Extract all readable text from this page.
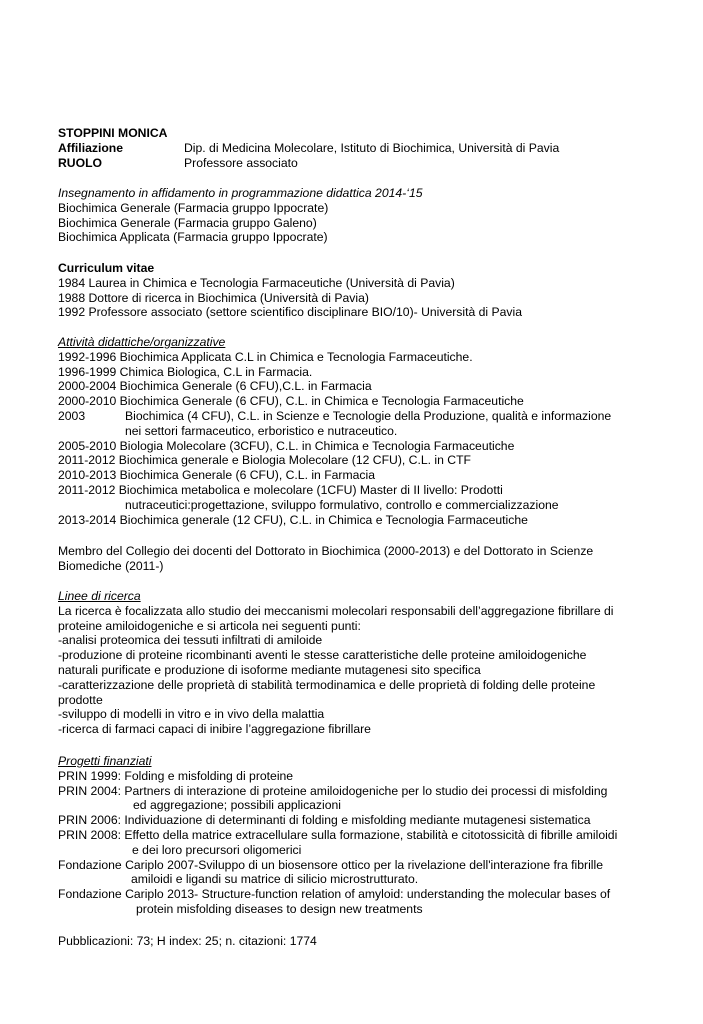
STOPPINI MONICA
Affiliazione	Dip. di Medicina Molecolare, Istituto di Biochimica, Università di Pavia
RUOLO	Professore associato
Insegnamento in affidamento in programmazione didattica 2014-‘15
Biochimica Generale (Farmacia gruppo Ippocrate)
Biochimica Generale (Farmacia gruppo Galeno)
Biochimica Applicata (Farmacia gruppo Ippocrate)
Curriculum vitae
1984 Laurea in Chimica e Tecnologia Farmaceutiche (Università di Pavia)
1988 Dottore di ricerca in Biochimica (Università di Pavia)
1992 Professore associato (settore scientifico disciplinare BIO/10)- Università di Pavia
Attività didattiche/organizzative
1992-1996 Biochimica Applicata C.L in Chimica e Tecnologia Farmaceutiche.
1996-1999 Chimica Biologica, C.L in Farmacia.
2000-2004 Biochimica Generale (6 CFU),C.L. in Farmacia
2000-2010 Biochimica Generale (6 CFU), C.L. in Chimica e Tecnologia Farmaceutiche
2003	Biochimica (4 CFU), C.L. in Scienze e Tecnologie della Produzione, qualità e informazione
nei settori farmaceutico, erboristico e nutraceutico.
2005-2010 Biologia Molecolare (3CFU), C.L. in Chimica e Tecnologia Farmaceutiche
2011-2012 Biochimica generale e Biologia Molecolare (12 CFU), C.L. in CTF
2010-2013 Biochimica Generale (6 CFU), C.L. in Farmacia
2011-2012 Biochimica metabolica e molecolare (1CFU) Master di II livello: Prodotti
nutraceutici:progettazione, sviluppo formulativo, controllo e commercializzazione
2013-2014 Biochimica generale (12 CFU), C.L. in Chimica e Tecnologia Farmaceutiche
Membro del Collegio dei docenti del Dottorato in Biochimica (2000-2013) e del Dottorato in Scienze
Biomediche (2011-)
Linee di ricerca
La ricerca è focalizzata allo studio dei meccanismi molecolari responsabili dell’aggregazione fibrillare di
proteine amiloidogeniche e si articola nei seguenti punti:
-analisi proteomica dei tessuti infiltrati di amiloide
-produzione di proteine ricombinanti aventi le stesse caratteristiche delle proteine amiloidogeniche
naturali purificate e produzione di isoforme mediante mutagenesi sito specifica
-caratterizzazione delle proprietà di stabilità termodinamica e delle proprietà di folding delle proteine
prodotte
-sviluppo di modelli in vitro e in vivo della malattia
-ricerca di farmaci capaci di inibire l’aggregazione fibrillare
Progetti finanziati
PRIN 1999: Folding e misfolding di proteine
PRIN 2004: Partners di interazione di proteine amiloidogeniche per lo studio dei processi di misfolding
ed aggregazione; possibili applicazioni
PRIN 2006: Individuazione di determinanti di folding e misfolding mediante mutagenesi sistematica
PRIN 2008: Effetto della matrice extracellulare sulla formazione, stabilità e citotossicità di fibrille amiloidi
e dei loro precursori oligomerici
Fondazione Cariplo 2007-Sviluppo di un biosensore ottico per la rivelazione dell'interazione fra fibrille
amiloidi e ligandi su matrice di silicio microstrutturato.
Fondazione Cariplo 2013- Structure-function relation of amyloid: understanding the molecular bases of
protein misfolding diseases to design new treatments
Pubblicazioni: 73; H index: 25; n. citazioni: 1774
